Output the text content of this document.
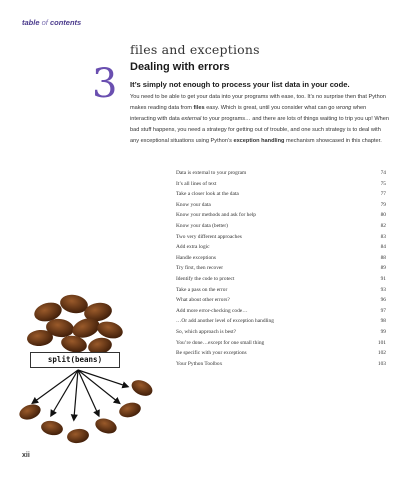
table of contents
files and exceptions
3	Dealing with errors
It’s simply not enough to process your list data in your code.

You need to be able to get your data into your programs with ease, too. It’s no surprise then that Python makes reading data from files easy. Which is great, until you consider what can go wrong when interacting with data external to your programs… and there are lots of things waiting to trip you up! When bad stuff happens, you need a strategy for getting out of trouble, and one such strategy is to deal with any exceptional situations using Python’s exception handling mechanism showcased in this chapter.

Data is external to your program	74
It’s all lines of text	75
Take a closer look at the data	77
Know your data	79
Know your methods and ask for help	80
Know your data (better)	82
Two very different approaches	83
Add extra logic	84
Handle exceptions	88
Try first, then recover	89
Identify the code to protect	91
Take a pass on the error	93
What about other errors?	96
Add more error-checking code…	97
…Or add another level of exception handling	98
So, which approach is best?	99
You’re done…except for one small thing	101
Be specific with your exceptions	102
Your Python Toolbox	103
split(beans)
xii
